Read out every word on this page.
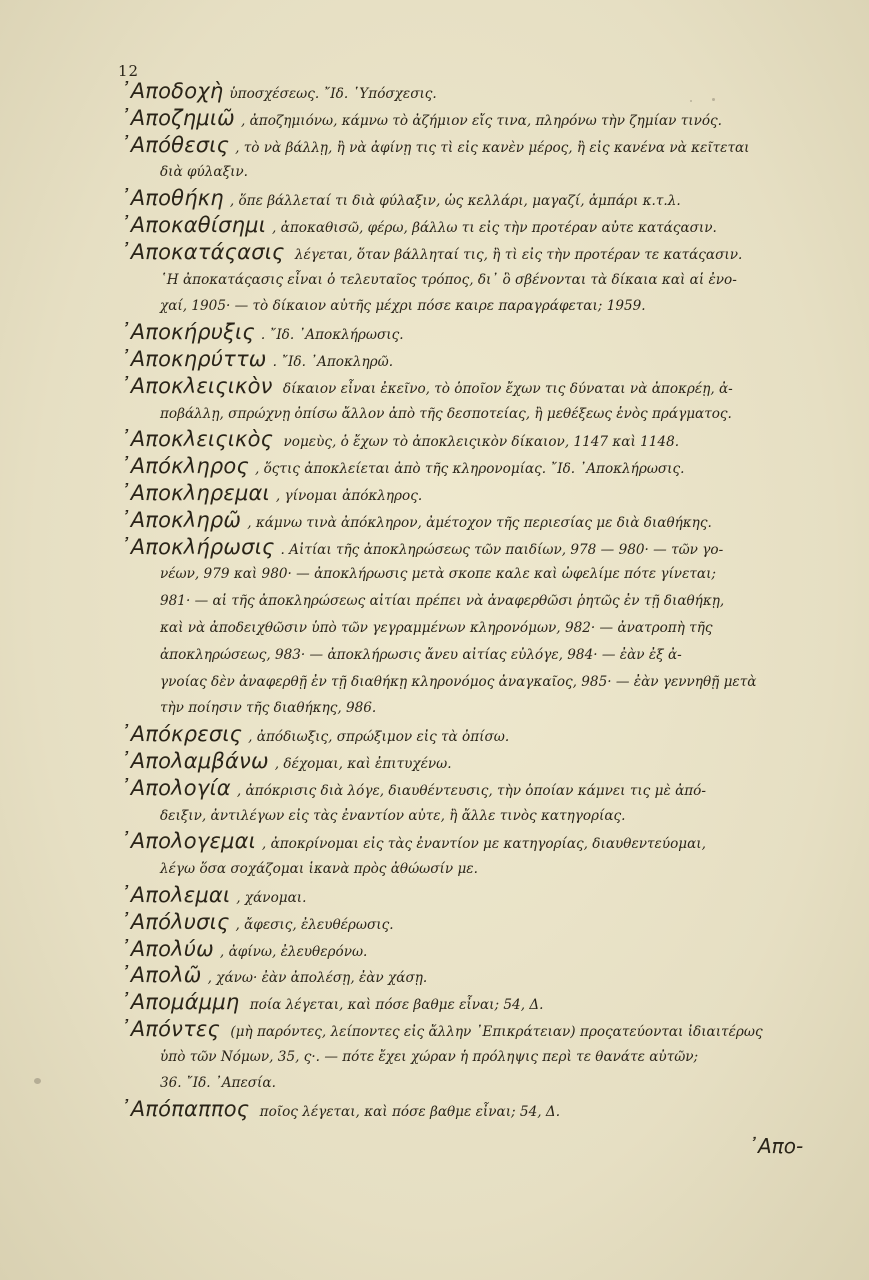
12
᾽Αποδοχὴ ὑποσχέσεως. ῎Ιδ. ῾Υπόσχεσις.
᾽Αποζημιῶ , ἀποζημιόνω, κάμνω τὸ ἀζήμιον εἴς τινα, πληρόνω τὴν ζημίαν τινός.
᾽Απόθεσις , τὸ νὰ βάλλῃ, ἢ νὰ ἀφίνῃ τις τὶ εἰς κανὲν μέρος, ἢ εἰς κανένα νὰ κεῖτεται
διὰ φύλαξιν.
᾽Αποθήκη , ὅπε βάλλεταί τι διὰ φύλαξιν, ὡς κελλάρι, μαγαζί, ἀμπάρι κ.τ.λ.
᾽Αποκαθίσημι , ἀποκαθισῶ, φέρω, βάλλω τι εἰς τὴν προτέραν αὐτε κατάςασιν.
᾽Αποκατάςασις λέγεται, ὅταν βάλληταί τις, ἢ τὶ εἰς τὴν προτέραν τε κατάςασιν.
῾Η ἀποκατάςασις εἶναι ὁ τελευταῖος τρόπος, δι᾽ ὃ σβένονται τὰ δίκαια καὶ αἱ ἐνο-
χαί, 1905· — τὸ δίκαιον αὐτῆς μέχρι πόσε καιρε παραγράφεται; 1959.
᾽Αποκήρυξις . ῎Ιδ. ᾽Αποκλήρωσις.
᾽Αποκηρύττω . ῎Ιδ. ᾽Αποκληρῶ.
᾽Αποκλειςικὸν δίκαιον εἶναι ἐκεῖνο, τὸ ὁποῖον ἔχων τις δύναται νὰ ἀποκρέῃ, ἀ-
ποβάλλῃ, σπρώχνῃ ὀπίσω ἄλλον ἀπὸ τῆς δεσποτείας, ἢ μεθέξεως ἑνὸς πράγματος.
᾽Αποκλειςικὸς νομεὺς, ὁ ἔχων τὸ ἀποκλειςικὸν δίκαιον, 1147 καὶ 1148.
᾽Απόκληρος , ὅςτις ἀποκλείεται ἀπὸ τῆς κληρονομίας. ῎Ιδ. ᾽Αποκλήρωσις.
᾽Αποκληρεμαι , γίνομαι ἀπόκληρος.
᾽Αποκληρῶ , κάμνω τινὰ ἀπόκληρον, ἀμέτοχον τῆς περιεσίας με διὰ διαθήκης.
᾽Αποκλήρωσις . Αἰτίαι τῆς ἀποκληρώσεως τῶν παιδίων, 978 — 980· — τῶν γο-
νέων, 979 καὶ 980· — ἀποκλήρωσις μετὰ σκοπε καλε καὶ ὠφελίμε πότε γίνεται;
981· — αἱ τῆς ἀποκληρώσεως αἰτίαι πρέπει νὰ ἀναφερθῶσι ῥητῶς ἐν τῇ διαθήκῃ,
καὶ νὰ ἀποδειχθῶσιν ὑπὸ τῶν γεγραμμένων κληρονόμων, 982· — ἀνατροπὴ τῆς
ἀποκληρώσεως, 983· — ἀποκλήρωσις ἄνευ αἰτίας εὐλόγε, 984· — ἐὰν ἐξ ἀ-
γνοίας δὲν ἀναφερθῇ ἐν τῇ διαθήκῃ κληρονόμος ἀναγκαῖος, 985· — ἐὰν γεννηθῇ μετὰ
τὴν ποίησιν τῆς διαθήκης, 986.
᾽Απόκρεσις , ἀπόδιωξις, σπρώξιμον εἰς τὰ ὀπίσω.
᾽Απολαμβάνω , δέχομαι, καὶ ἐπιτυχένω.
᾽Απολογία , ἀπόκρισις διὰ λόγε, διαυθέντευσις, τὴν ὁποίαν κάμνει τις μὲ ἀπό-
δειξιν, ἀντιλέγων εἰς τὰς ἐναντίον αὐτε, ἢ ἄλλε τινὸς κατηγορίας.
᾽Απολογεμαι , ἀποκρίνομαι εἰς τὰς ἐναντίον με κατηγορίας, διαυθεντεύομαι,
λέγω ὅσα σοχάζομαι ἱκανὰ πρὸς ἀθώωσίν με.
᾽Απολεμαι , χάνομαι.
᾽Απόλυσις , ἄφεσις, ἐλευθέρωσις.
᾽Απολύω , ἀφίνω, ἐλευθερόνω.
᾽Απολῶ , χάνω· ἐὰν ἀπολέσῃ, ἐὰν χάσῃ.
᾽Απομάμμη ποία λέγεται, καὶ πόσε βαθμε εἶναι; 54, Δ.
᾽Απόντες (μὴ παρόντες, λείποντες εἰς ἄλλην ᾽Επικράτειαν) προςατεύονται ἰδιαιτέρως
ὑπὸ τῶν Νόμων, 35, ς·. — πότε ἔχει χώραν ἡ πρόληψις περὶ τε θανάτε αὐτῶν;
36. ῎Ιδ. ᾽Απεσία.
᾽Απόπαππος ποῖος λέγεται, καὶ πόσε βαθμε εἶναι; 54, Δ.
᾽Απο-
